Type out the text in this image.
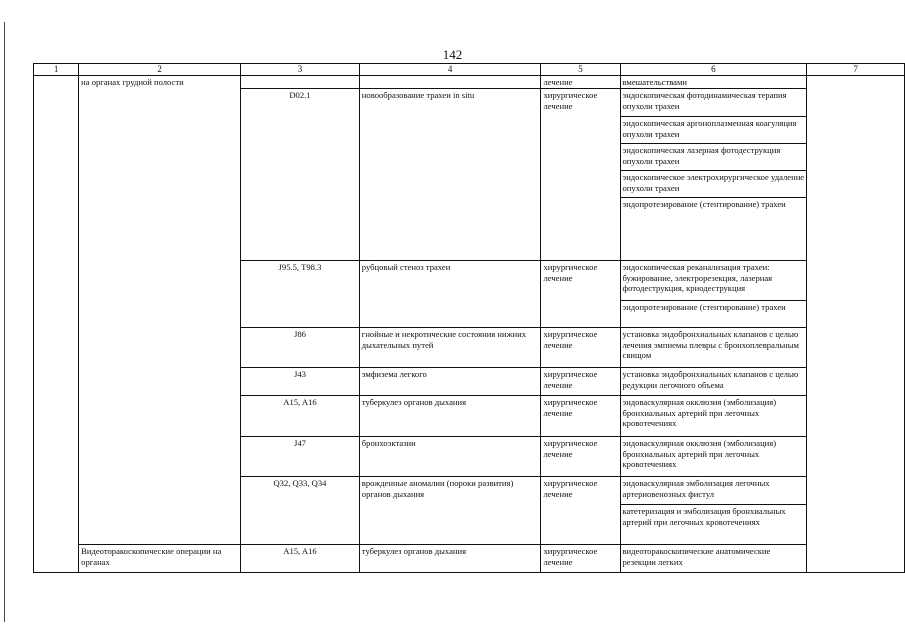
142
1	2	3	4	5	6	7
	на органах грудной полости			лечение	вмешательствами	
		D02.1	новообразование трахеи in situ	хирургическое лечение	эндоскопическая фотодинамическая терапия опухоли трахеи	
					эндоскопическая аргоноплазменная коагуляция опухоли трахеи	
					эндоскопическая лазерная фотодеструкция опухоли трахеи	
					эндоскопическое электрохирургическое удаление опухоли трахеи	
					эндопротезирование (стентирование) трахеи	
		J95.5, T98.3	рубцовый стеноз трахеи	хирургическое лечение	эндоскопическая реканализация трахеи: бужирование, электрорезекция, лазерная фотодеструкция, криодеструкция	
					эндопротезирование (стентирование) трахеи	
		J86	гнойные и некротические состояния нижних дыхательных путей	хирургическое лечение	установка эндобронхиальных клапанов с целью лечения эмпиемы плевры с бронхоплевральным свищом	
		J43	эмфизема легкого	хирургическое лечение	установка эндобронхиальных клапанов с целью редукции легочного объема	
		A15, A16	туберкулез органов дыхания	хирургическое лечение	эндоваскулярная окклюзия (эмболизация) бронхиальных артерий при легочных кровотечениях	
		J47	бронхоэктазии	хирургическое лечение	эндоваскулярная окклюзия (эмболизация) бронхиальных артерий при легочных кровотечениях	
		Q32, Q33, Q34	врожденные аномалии (пороки развития) органов дыхания	хирургическое лечение	эндоваскулярная эмболизация легочных артериовенозных фистул	
					катетеризация и эмболизация бронхиальных артерий при легочных кровотечениях	
	Видеоторакоскопические операции на органах	A15, A16	туберкулез органов дыхания	хирургическое лечение	видеоторакоскопические анатомические резекции легких	
